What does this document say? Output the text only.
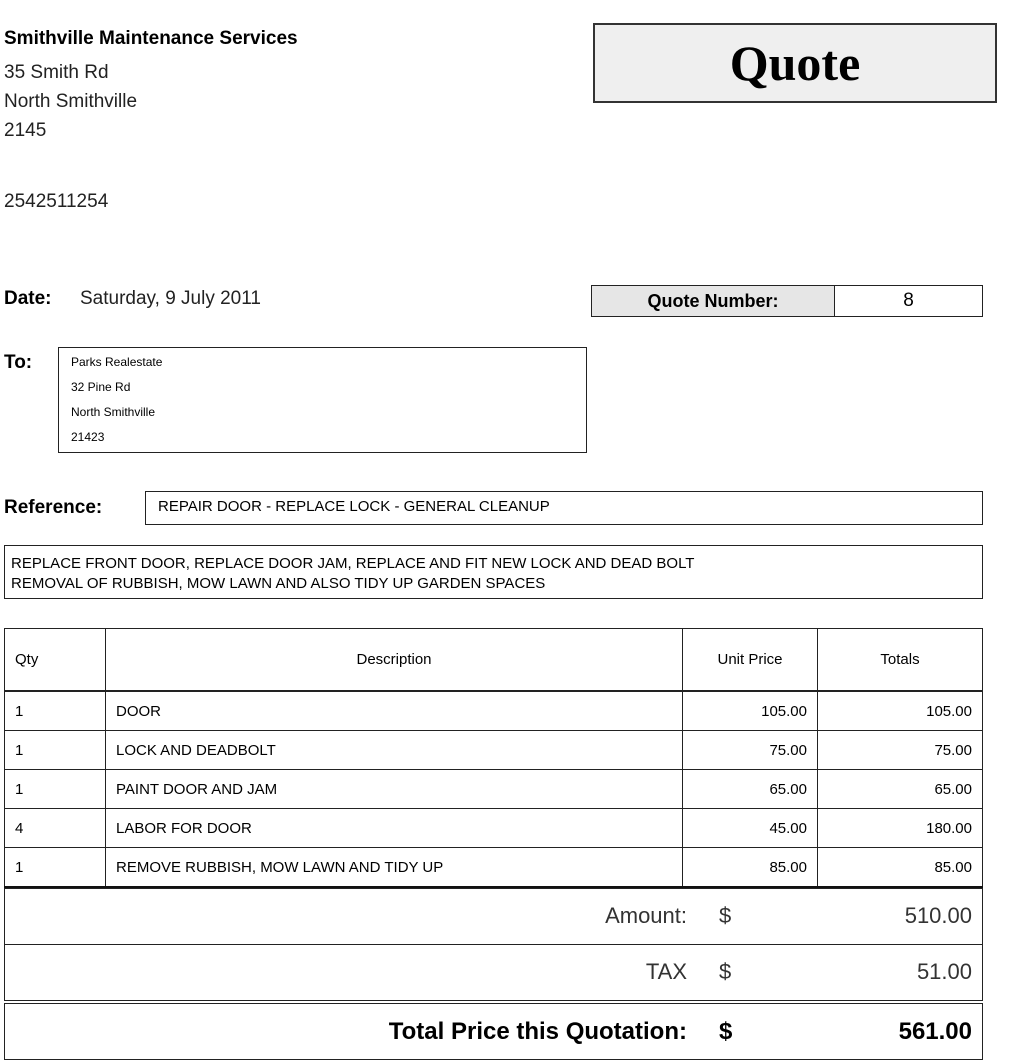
Smithville Maintenance Services
35 Smith Rd
North Smithville
2145
2542511254
Quote
Date: Saturday, 9 July 2011	Quote Number:	8
To:	Parks Realestate
32 Pine Rd
North Smithville
21423
Reference:	REPAIR DOOR - REPLACE LOCK - GENERAL CLEANUP
REPLACE FRONT DOOR, REPLACE DOOR JAM, REPLACE AND FIT NEW LOCK AND DEAD BOLT
REMOVAL OF RUBBISH, MOW LAWN AND ALSO TIDY UP GARDEN SPACES
Qty	Description	Unit Price	Totals
1	DOOR	105.00	105.00
1	LOCK AND DEADBOLT	75.00	75.00
1	PAINT DOOR AND JAM	65.00	65.00
4	LABOR FOR DOOR	45.00	180.00
1	REMOVE RUBBISH, MOW LAWN AND TIDY UP	85.00	85.00
Amount: $	510.00
TAX $	51.00
Total Price this Quotation: $	561.00
